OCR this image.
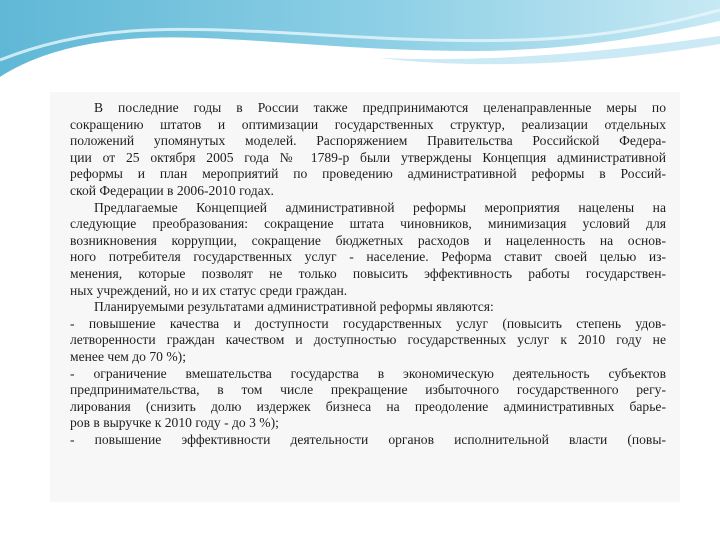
В последние годы в России также предпринимаются целенаправленные меры по
сокращению штатов и оптимизации государственных структур, реализации отдельных
положений упомянутых моделей. Распоряжением Правительства Российской Федера-
ции от 25 октября 2005 года № 1789-р были утверждены Концепция административной
реформы и план мероприятий по проведению административной реформы в Россий-
ской Федерации в 2006-2010 годах.
Предлагаемые Концепцией административной реформы мероприятия нацелены на
следующие преобразования: сокращение штата чиновников, минимизация условий для
возникновения коррупции, сокращение бюджетных расходов и нацеленность на основ-
ного потребителя государственных услуг - население. Реформа ставит своей целью из-
менения, которые позволят не только повысить эффективность работы государствен-
ных учреждений, но и их статус среди граждан.
Планируемыми результатами административной реформы являются:
- повышение качества и доступности государственных услуг (повысить степень удов-
летворенности граждан качеством и доступностью государственных услуг к 2010 году не
менее чем до 70 %);
- ограничение вмешательства государства в экономическую деятельность субъектов
предпринимательства, в том числе прекращение избыточного государственного регу-
лирования (снизить долю издержек бизнеса на преодоление административных барье-
ров в выручке к 2010 году - до 3 %);
- повышение эффективности деятельности органов исполнительной власти (повы-
